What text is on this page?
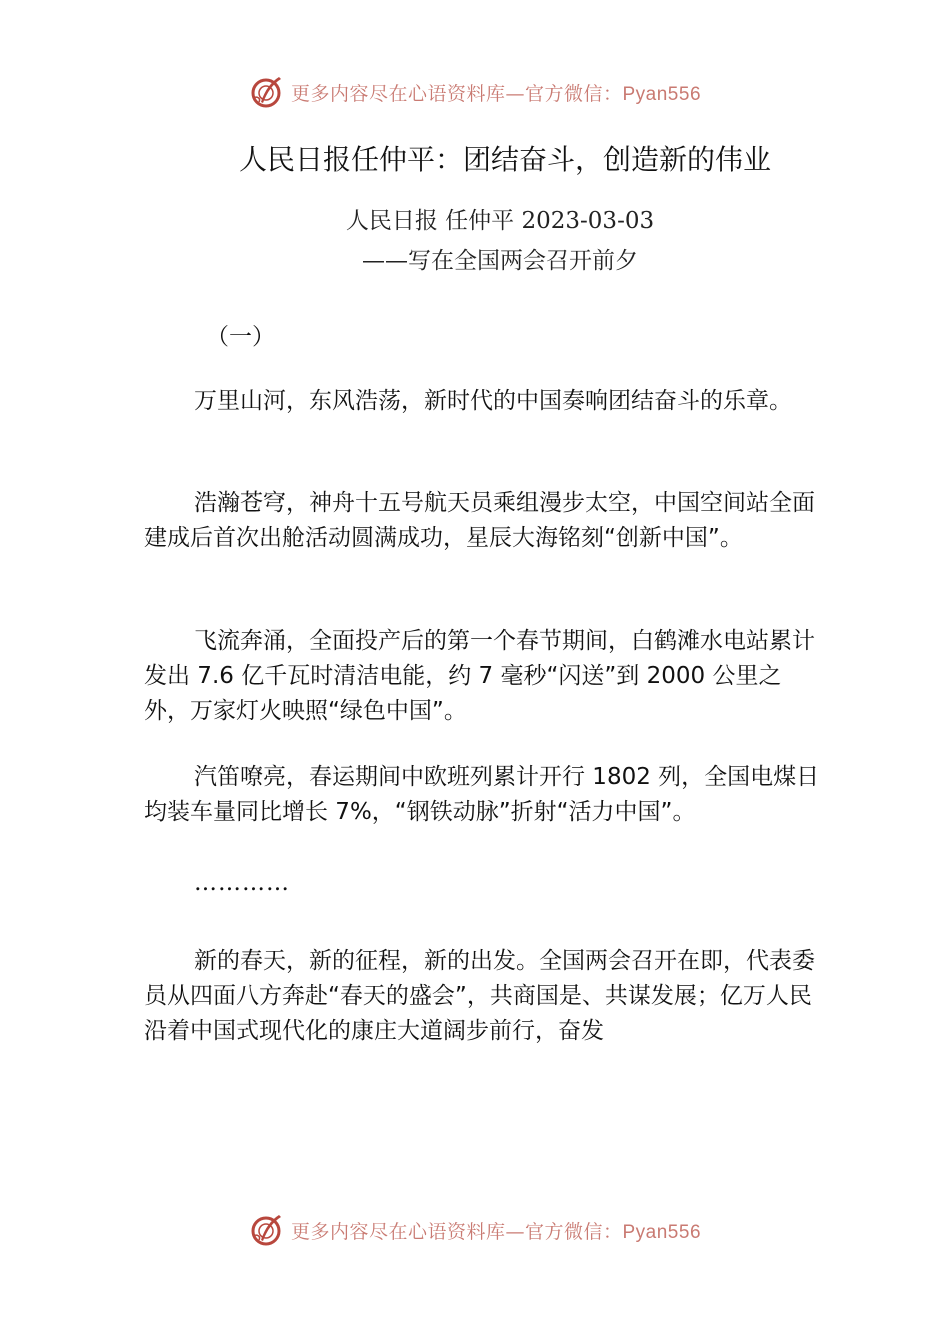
更多内容尽在心语资料库—官方微信：Pyan556
人民日报任仲平：团结奋斗，创造新的伟业
人民日报 任仲平 2023-03-03
——写在全国两会召开前夕
（一）

万里山河，东风浩荡，新时代的中国奏响团结奋斗的乐章。

浩瀚苍穹，神舟十五号航天员乘组漫步太空，中国空间站全面建成后首次出舱活动圆满成功，星辰大海铭刻“创新中国”。

飞流奔涌，全面投产后的第一个春节期间，白鹤滩水电站累计发出 7.6 亿千瓦时清洁电能，约 7 毫秒“闪送”到 2000 公里之外，万家灯火映照“绿色中国”。

汽笛嘹亮，春运期间中欧班列累计开行 1802 列，全国电煤日均装车量同比增长 7%，“钢铁动脉”折射“活力中国”。

…………

新的春天，新的征程，新的出发。全国两会召开在即，代表委员从四面八方奔赴“春天的盛会”，共商国是、共谋发展；亿万人民沿着中国式现代化的康庄大道阔步前行，奋发

更多内容尽在心语资料库—官方微信：Pyan556
